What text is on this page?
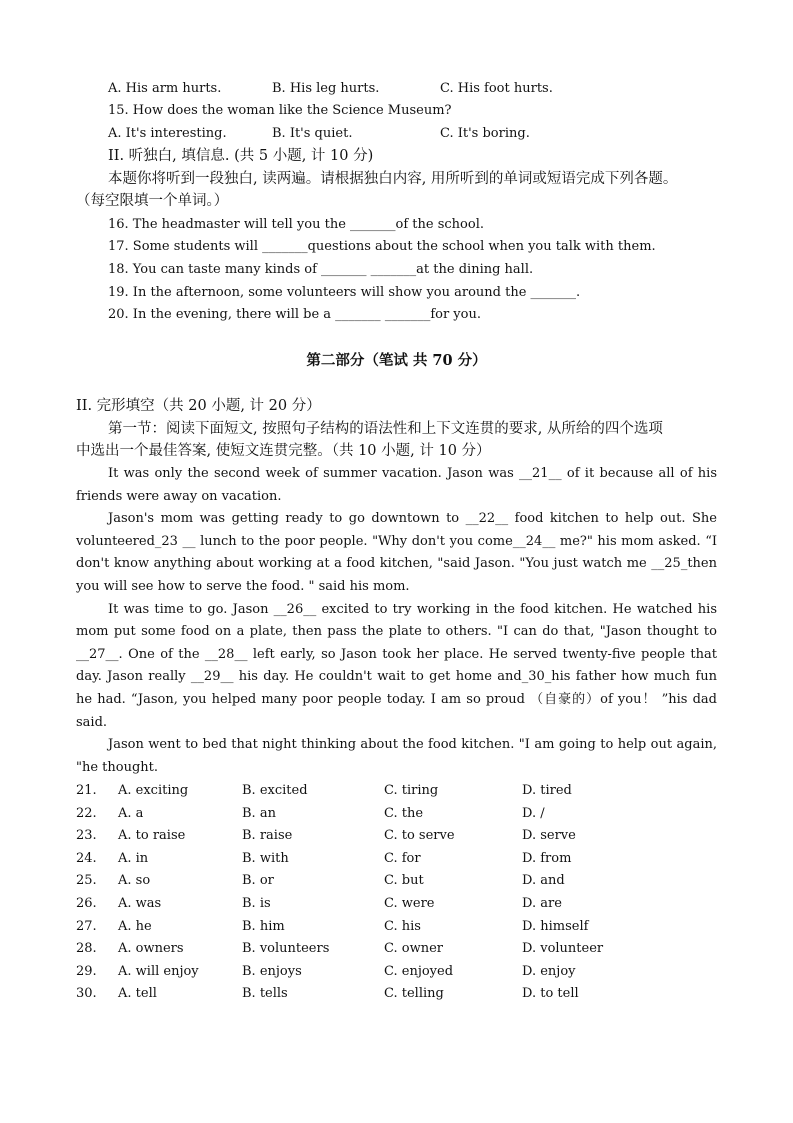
A. His arm hurts.	B. His leg hurts.	C. His foot hurts.
15. How does the woman like the Science Museum?
A. It's interesting.	B. It's quiet.	C. It's boring.
II. 听独白, 填信息. (共 5 小题, 计 10 分)
本题你将听到一段独白, 读两遍。请根据独白内容, 用所听到的单词或短语完成下列各题。
（每空限填一个单词。）
16. The headmaster will tell you the _______of the school.
17. Some students will _______questions about the school when you talk with them.
18. You can taste many kinds of _______ _______at the dining hall.
19. In the afternoon, some volunteers will show you around the _______.
20. In the evening, there will be a _______ _______for you.
第二部分（笔试 共 70 分）
II. 完形填空（共 20 小题, 计 20 分）
第一节：阅读下面短文, 按照句子结构的语法性和上下文连贯的要求, 从所给的四个选项
中选出一个最佳答案, 使短文连贯完整。（共 10 小题, 计 10 分）

It was only the second week of summer vacation. Jason was __21__ of it because all of his friends were away on vacation.

Jason's mom was getting ready to go downtown to __22__ food kitchen to help out. She volunteered_23 __ lunch to the poor people. "Why don't you come__24__ me?" his mom asked. “I don't know anything about working at a food kitchen, "said Jason. "You just watch me __25_then you will see how to serve the food. " said his mom.

It was time to go. Jason __26__ excited to try working in the food kitchen. He watched his mom put some food on a plate, then pass the plate to others. "I can do that, "Jason thought to __27__. One of the __28__ left early, so Jason took her place. He served twenty-five people that day. Jason really __29__ his day. He couldn't wait to get home and_30_his father how much fun he had. “Jason, you helped many poor people today. I am so proud （自豪的）of you！ ”his dad said.

Jason went to bed that night thinking about the food kitchen. "I am going to help out again, "he thought.

21. A. exciting	B. excited	C. tiring	D. tired
22. A. a	B. an	C. the	D. /
23. A. to raise	B. raise	C. to serve	D. serve
24. A. in	B. with	C. for	D. from
25. A. so	B. or	C. but	D. and
26. A. was	B. is	C. were	D. are
27. A. he	B. him	C. his	D. himself
28. A. owners	B. volunteers	C. owner	D. volunteer
29. A. will enjoy	B. enjoys	C. enjoyed	D. enjoy
30. A. tell	B. tells	C. telling	D. to tell
